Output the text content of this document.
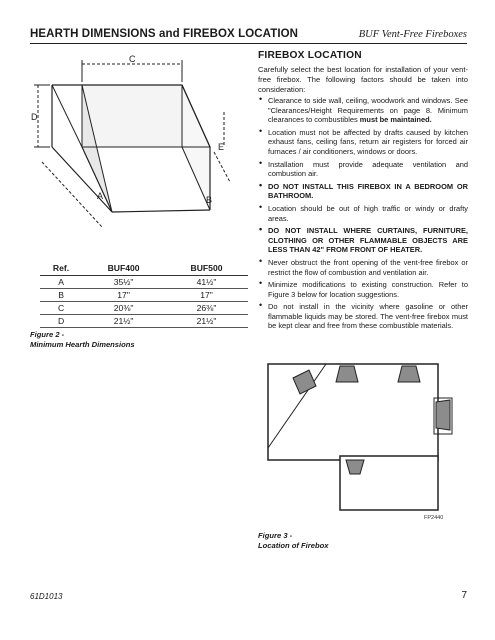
HEARTH DIMENSIONS and FIREBOX LOCATION	BUF Vent-Free Fireboxes
C
D
A	B
E
Ref.	BUF400	BUF500
A	35½"	41½"
B	17"	17"
C	20⅜"	26⅜"
D	21½"	21½"
Figure 2 -
Minimum Hearth Dimensions
FIREBOX LOCATION
Carefully select the best location for installation of your vent-free firebox. The following factors should be taken into consideration:
• Clearance to side wall, ceiling, woodwork and windows. See "Clearances/Height Requirements on page 8. Minimum clearances to combustibles must be maintained.
• Location must not be affected by drafts caused by kitchen exhaust fans, ceiling fans, return air registers for forced air furnaces / air conditioners, windows or doors.
• Installation must provide adequate ventilation and combustion air.
• DO NOT INSTALL THIS FIREBOX IN A BEDROOM OR BATHROOM.
• Location should be out of high traffic or windy or drafty areas.
• DO NOT INSTALL WHERE CURTAINS, FURNITURE, CLOTHING OR OTHER FLAMMABLE OBJECTS ARE LESS THAN 42" FROM FRONT OF HEATER.
• Never obstruct the front opening of the vent-free firebox or restrict the flow of combustion and ventilation air.
• Minimize modifications to existing construction. Refer to Figure 3 below for location suggestions.
• Do not install in the vicinity where gasoline or other flammable liquids may be stored. The vent-free firebox must be kept clear and free from these combustible materials.
FP2440
Figure 3 -
Location of Firebox
61D1013	7
